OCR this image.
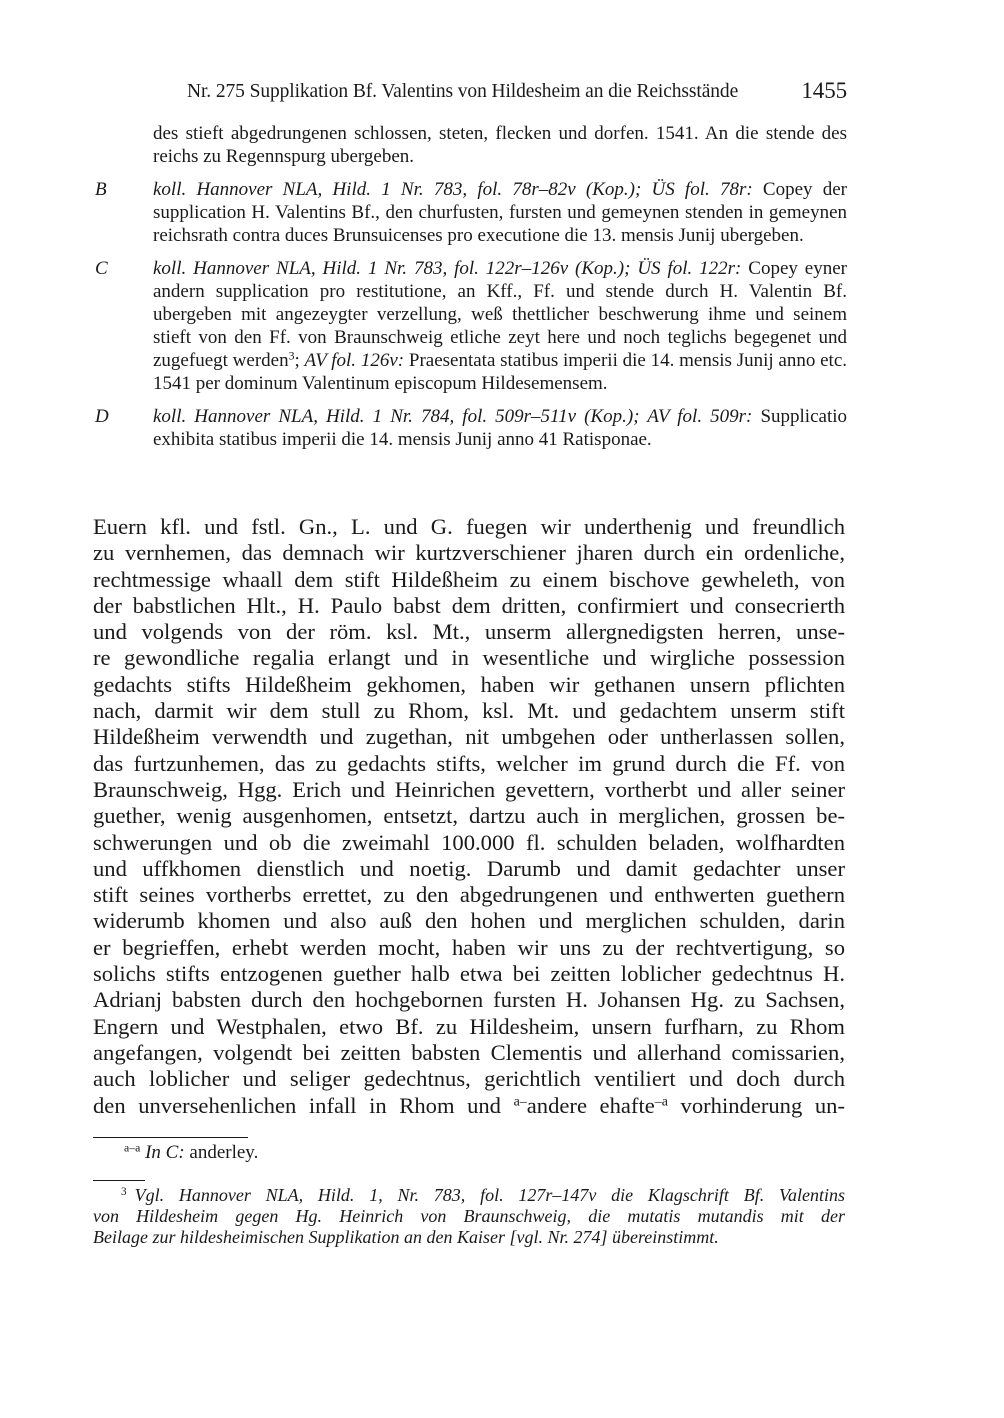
Nr. 275 Supplikation Bf. Valentins von Hildesheim an die Reichsstände	1455
des stieft abgedrungenen schlossen, steten, flecken und dorfen. 1541. An die stende des reichs zu Regennspurg ubergeben.
B	koll. Hannover NLA, Hild. 1 Nr. 783, fol. 78r–82v (Kop.); ÜS fol. 78r: Copey der supplication H. Valentins Bf., den churfusten, fursten und gemeynen stenden in gemeynen reichsrath contra duces Brunsuicenses pro executione die 13. mensis Junij ubergeben.
C	koll. Hannover NLA, Hild. 1 Nr. 783, fol. 122r–126v (Kop.); ÜS fol. 122r: Copey eyner andern supplication pro restitutione, an Kff., Ff. und stende durch H. Valentin Bf. ubergeben mit angezeygter verzellung, weß thettlicher beschwerung ihme und seinem stieft von den Ff. von Braunschweig etliche zeyt here und noch teglichs begegenet und zugefuegt werden$^3$; AV fol. 126v: Praesentata statibus imperii die 14. mensis Junij anno etc. 1541 per dominum Valentinum episcopum Hildesemensem.
D	koll. Hannover NLA, Hild. 1 Nr. 784, fol. 509r–511v (Kop.); AV fol. 509r: Supplicatio exhibita statibus imperii die 14. mensis Junij anno 41 Ratisponae.
Euern kfl. und fstl. Gn., L. und G. fuegen wir underthenig und freundlich
zu vernhemen, das demnach wir kurtzverschiener jharen durch ein ordenliche,
rechtmessige whaall dem stift Hildeßheim zu einem bischove gewheleth, von
der babstlichen Hlt., H. Paulo babst dem dritten, confirmiert und consecrierth
und volgends von der röm. ksl. Mt., unserm allergnedigsten herren, unse-
re gewondliche regalia erlangt und in wesentliche und wirgliche possession
gedachts stifts Hildeßheim gekhomen, haben wir gethanen unsern pflichten
nach, darmit wir dem stull zu Rhom, ksl. Mt. und gedachtem unserm stift
Hildeßheim verwendth und zugethan, nit umbgehen oder untherlassen sollen,
das furtzunhemen, das zu gedachts stifts, welcher im grund durch die Ff. von
Braunschweig, Hgg. Erich und Heinrichen gevettern, vortherbt und aller seiner
guether, wenig ausgenhomen, entsetzt, dartzu auch in merglichen, grossen be-
schwerungen und ob die zweimahl 100.000 fl. schulden beladen, wolfhardten
und uffkhomen dienstlich und noetig. Darumb und damit gedachter unser
stift seines vortherbs errettet, zu den abgedrungenen und enthwerten guethern
widerumb khomen und also auß den hohen und merglichen schulden, darin
er begrieffen, erhebt werden mocht, haben wir uns zu der rechtvertigung, so
solichs stifts entzogenen guether halb etwa bei zeitten loblicher gedechtnus H.
Adrianj babsten durch den hochgebornen fursten H. Johansen Hg. zu Sachsen,
Engern und Westphalen, etwo Bf. zu Hildesheim, unsern furfharn, zu Rhom
angefangen, volgendt bei zeitten babsten Clementis und allerhand comissarien,
auch loblicher und seliger gedechtnus, gerichtlich ventiliert und doch durch
den unversehenlichen infall in Rhom und $^{a-}$andere ehafte$^{-a}$ vorhinderung un-
$^{a-a}$ In C: anderley.
$^3$ Vgl. Hannover NLA, Hild. 1, Nr. 783, fol. 127r–147v die Klagschrift Bf. Valentins
von Hildesheim gegen Hg. Heinrich von Braunschweig, die mutatis mutandis mit der
Beilage zur hildesheimischen Supplikation an den Kaiser [vgl. Nr. 274] übereinstimmt.
